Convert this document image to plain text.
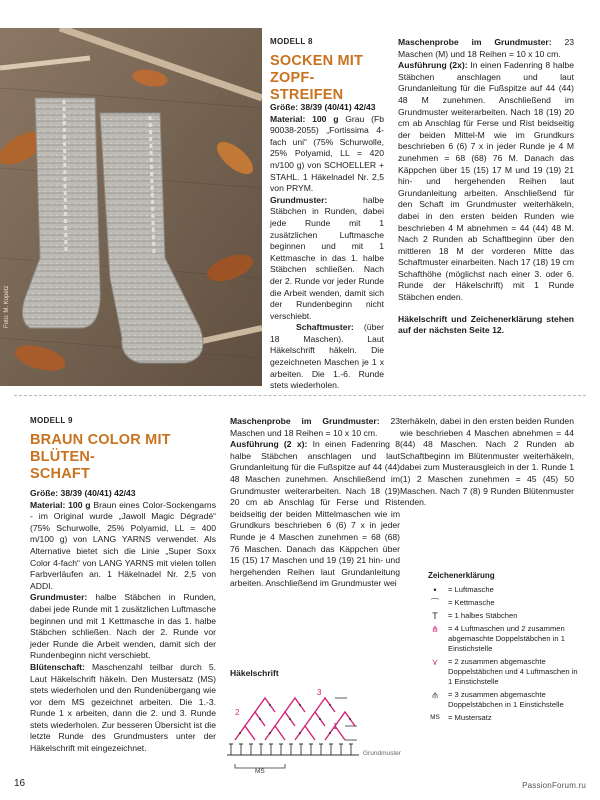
Foto: M. Kopetz
MODELL 8
SOCKEN MIT ZOPF-
STREIFEN

Größe: 38/39 (40/41) 42/43

Material: 100 g Grau (Fb 90038-2055) „Fortissima 4-fach uni“ (75% Schurwolle, 25% Polyamid, LL = 420 m/100 g) von SCHOELLER + STAHL. 1 Häkelnadel Nr. 2,5 von PRYM.

Grundmuster: halbe Stäbchen in Runden, dabei jede Runde mit 1 zusätzlichen Luftmasche beginnen und mit 1 Kettmasche in das 1. halbe Stäbchen schließen. Nach der 2. Runde vor jeder Runde die Arbeit wenden, damit sich der Rundenbeginn nicht verschiebt.

Schaftmuster: (über 18 Maschen). Laut Häkelschrift häkeln. Die gezeichneten Maschen je 1 x arbeiten. Die 1.-6. Runde stets wiederholen.

Maschenprobe im Grundmuster: 23 Maschen (M) und 18 Reihen = 10 x 10 cm.

Ausführung (2x): In einen Fadenring 8 halbe Stäbchen anschlagen und laut Grundanleitung für die Fußspitze auf 44 (44) 48 M zunehmen. Anschließend im Grundmuster weiterarbeiten. Nach 18 (19) 20 cm ab Anschlag für Ferse und Rist beidseitig der beiden Mittel-M wie im Grundkurs beschrieben 6 (6) 7 x in jeder Runde je 4 M zunehmen = 68 (68) 76 M. Danach das Käppchen über 15 (15) 17 M und 19 (19) 21 hin- und hergehenden Reihen laut Grundanleitung arbeiten. Anschließend für den Schaft im Grundmuster weiterhäkeln, dabei in den ersten beiden Runden wie beschrieben 4 M abnehmen = 44 (44) 48 M. Nach 2 Runden ab Schaftbeginn über den mittleren 18 M der vorderen Mitte das Schaftmuster einarbeiten. Nach 17 (18) 19 cm Schafthöhe (möglichst nach einer 3. oder 6. Runde der Häkelschrift) mit 1 Runde Stäbchen enden.

Häkelschrift und Zeichenerklärung stehen auf der nächsten Seite 12.

MODELL 9
BRAUN COLOR MIT BLÜTEN-
SCHAFT

Größe: 38/39 (40/41) 42/43

Material: 100 g Braun eines Color-Sockengarns - im Original wurde „Jawoll Magic Dégradé“ (75% Schurwolle, 25% Polyamid, LL = 400 m/100 g) von LANG YARNS verwendet. Als Alternative bietet sich die Linie „Super Soxx Color 4-fach“ von LANG YARNS mit vielen tollen Farbverläufen an. 1 Häkelnadel Nr. 2,5 von ADDI.

Grundmuster: halbe Stäbchen in Runden, dabei jede Runde mit 1 zusätzlichen Luftmasche beginnen und mit 1 Kettmasche in das 1. halbe Stäbchen schließen. Nach der 2. Runde vor jeder Runde die Arbeit wenden, damit sich der Rundenbeginn nicht verschiebt.

Blütenschaft: Maschenzahl teilbar durch 5. Laut Häkelschrift häkeln. Den Mustersatz (MS) stets wiederholen und den Rundenübergang wie vor dem MS gezeichnet arbeiten. Die 1.-3. Runde 1 x arbeiten, dann die 2. und 3. Runde stets wiederholen. Zur besseren Übersicht ist die letzte Runde des Grundmusters unter der Häkelschrift mit eingezeichnet.

Maschenprobe im Grundmuster: 23 Maschen und 18 Reihen = 10 x 10 cm.

Ausführung (2 x): In einen Fadenring 8 halbe Stäbchen anschlagen und laut Grundanleitung für die Fußspitze auf 44 (44) 48 Maschen zunehmen. Anschließend im Grundmuster weiterarbeiten. Nach 18 (19) 20 cm ab Anschlag für Ferse und Rist beidseitig der beiden Mittelmaschen wie im Grundkurs beschrieben 6 (6) 7 x in jeder Runde je 4 Maschen zunehmen = 68 (68) 76 Maschen. Danach das Käppchen über 15 (15) 17 Maschen und 19 (19) 21 hin- und hergehenden Reihen laut Grundanleitung arbeiten. Anschließend im Grundmuster wei

Häkelschrift
1
2
3
Grundmuster
MS

terhäkeln, dabei in den ersten beiden Runden wie beschrieben 4 Maschen abnehmen = 44 (44) 48 Maschen. Nach 2 Runden ab Schaftbeginn im Blütenmuster weiterhäkeln, dabei zum Musterausgleich in der 1. Runde 1 (1) 2 Maschen zunehmen = 45 (45) 50 Maschen. Nach 7 (8) 9 Runden Blütenmuster enden.

Zeichenerklärung
•	= Luftmasche
⁀	= Kettmasche
T	= 1 halbes Stäbchen
⋔	= 4 Luftmaschen und 2 zusammen abgemaschte Doppelstäbchen in 1 Einstichstelle
⋎	= 2 zusammen abgemaschte Doppelstäbchen und 4 Luftmaschen in 1 Einstichstelle
⫛	= 3 zusammen abgemaschte Doppelstäbchen in 1 Einstichstelle
MS = Mustersatz
16	PassionForum.ru
